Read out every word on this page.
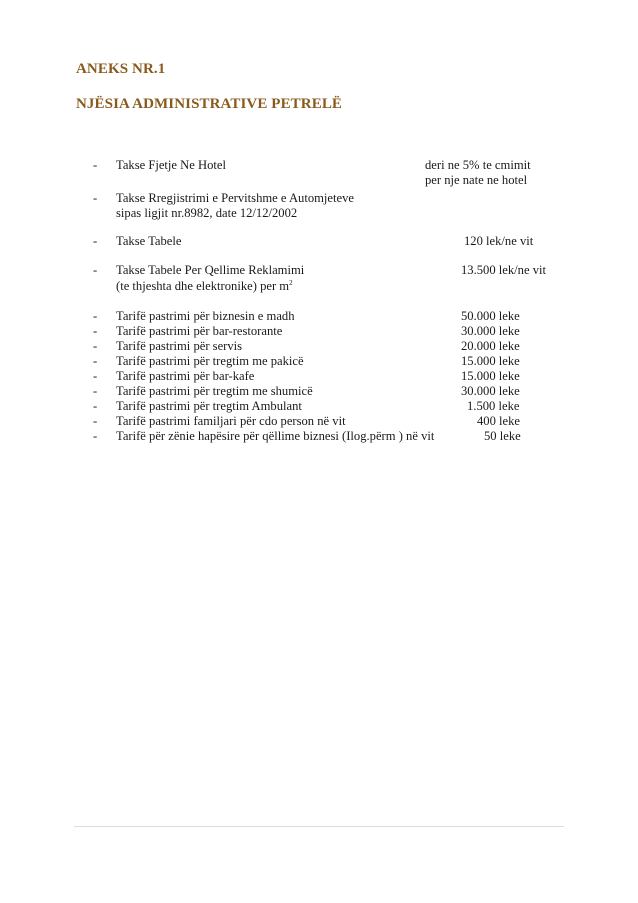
ANEKS NR.1
NJËSIA ADMINISTRATIVE PETRELË
- Takse Fjetje Ne Hotel	deri ne 5% te cmimit
per nje nate ne hotel
- Takse Rregjistrimi e Pervitshme e Automjeteve
sipas ligjit nr.8982, date 12/12/2002
- Takse Tabele	120 lek/ne vit
- Takse Tabele Per Qellime Reklamimi	13.500 lek/ne vit
(te thjeshta dhe elektronike) per $m^2$
- Tarifë pastrimi për biznesin e madh	50.000 leke
- Tarifë pastrimi për bar-restorante	30.000 leke
- Tarifë pastrimi për servis	20.000 leke
- Tarifë pastrimi për tregtim me pakicë	15.000 leke
- Tarifë pastrimi për bar-kafe	15.000 leke
- Tarifë pastrimi për tregtim me shumicë	30.000 leke
- Tarifë pastrimi për tregtim Ambulant	1.500 leke
- Tarifë pastrimi familjari për cdo person në vit	400 leke
- Tarifë për zënie hapësire për qëllime biznesi (Ilog.përm ) në vit	50 leke
